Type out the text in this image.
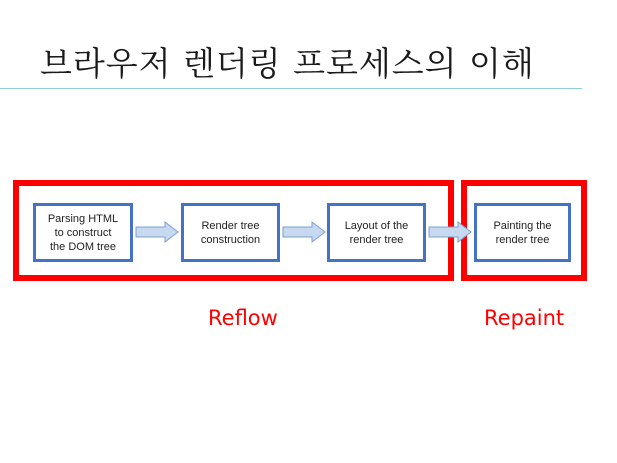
브라우저 렌더링 프로세스의 이해
Parsing HTML
to construct
the DOM tree
Render tree
construction
Layout of the
render tree
Painting the
render tree
Reflow	Repaint
